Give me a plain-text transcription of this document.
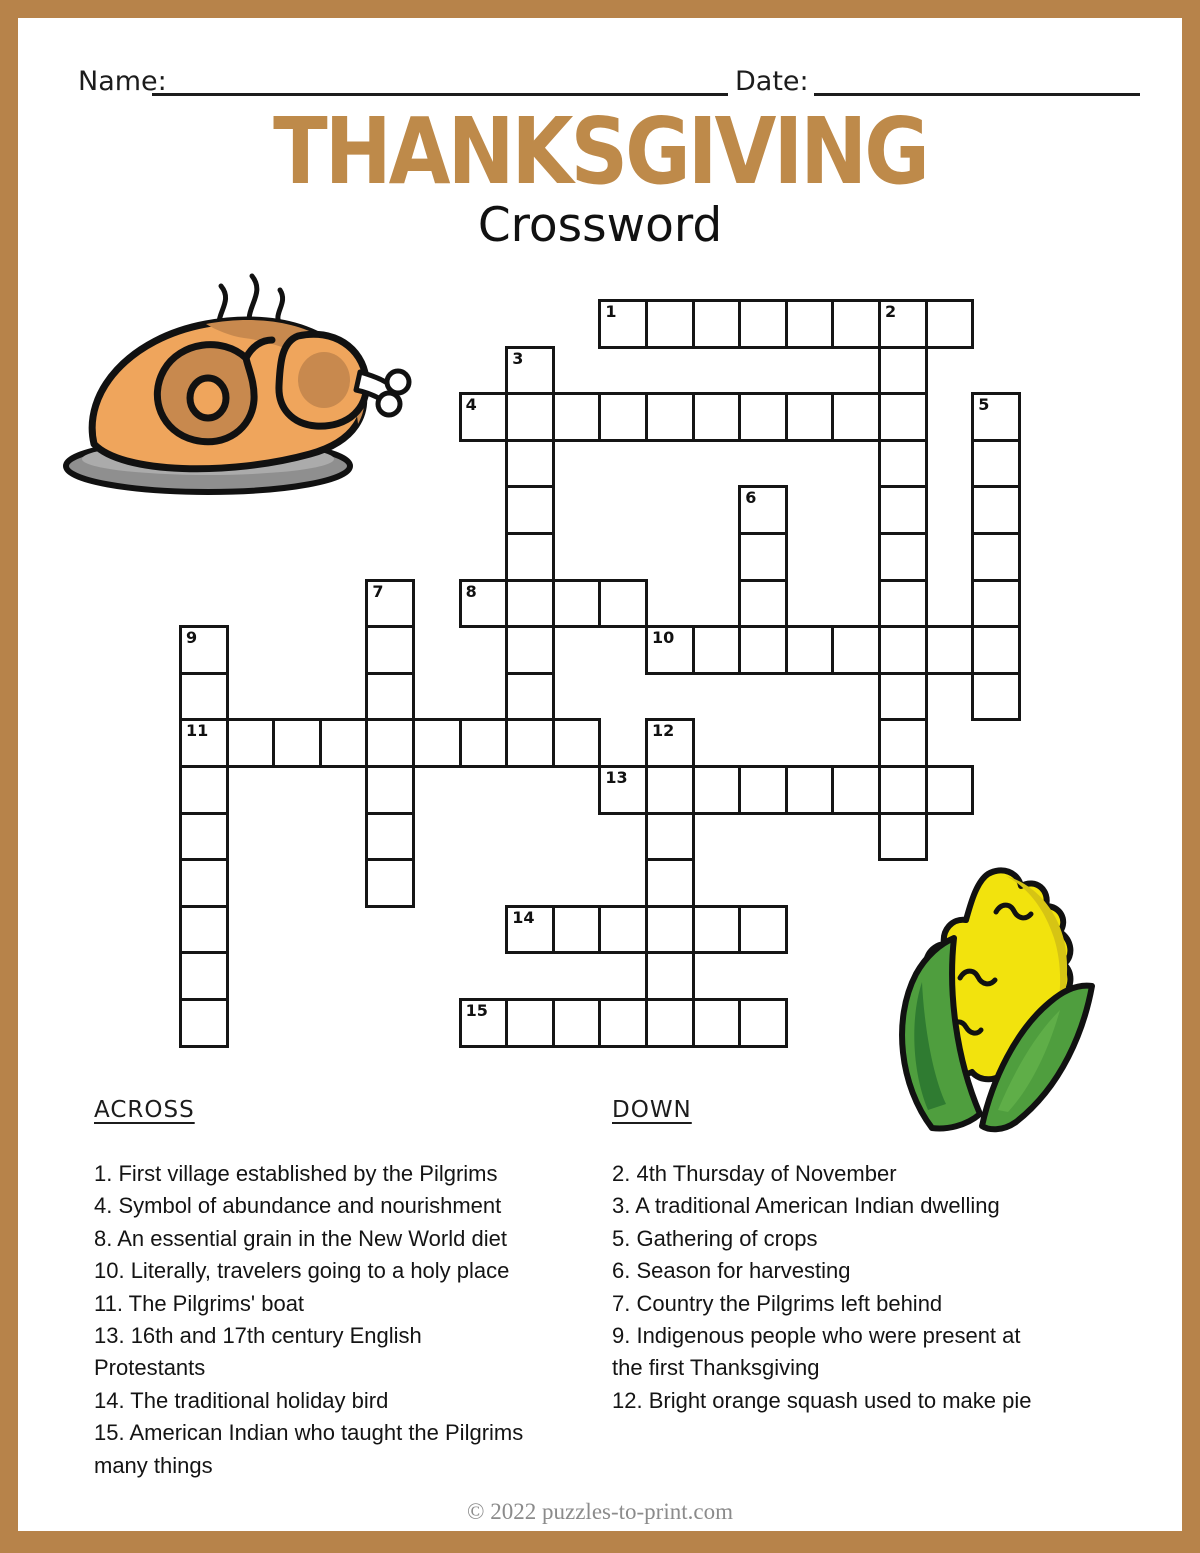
Name:	Date:
THANKSGIVING
Crossword
1	2
3
4	5
6
7	8
9
11
10
12
13
14
15
ACROSS
1. First village established by the Pilgrims
4. Symbol of abundance and nourishment
8. An essential grain in the New World diet
10. Literally, travelers going to a holy place
11. The Pilgrims' boat
13. 16th and 17th century English
Protestants
14. The traditional holiday bird
15. American Indian who taught the Pilgrims
many things
DOWN
2. 4th Thursday of November
3. A traditional American Indian dwelling
5. Gathering of crops
6. Season for harvesting
7. Country the Pilgrims left behind
9. Indigenous people who were present at
the first Thanksgiving
12. Bright orange squash used to make pie
© 2022 puzzles-to-print.com
